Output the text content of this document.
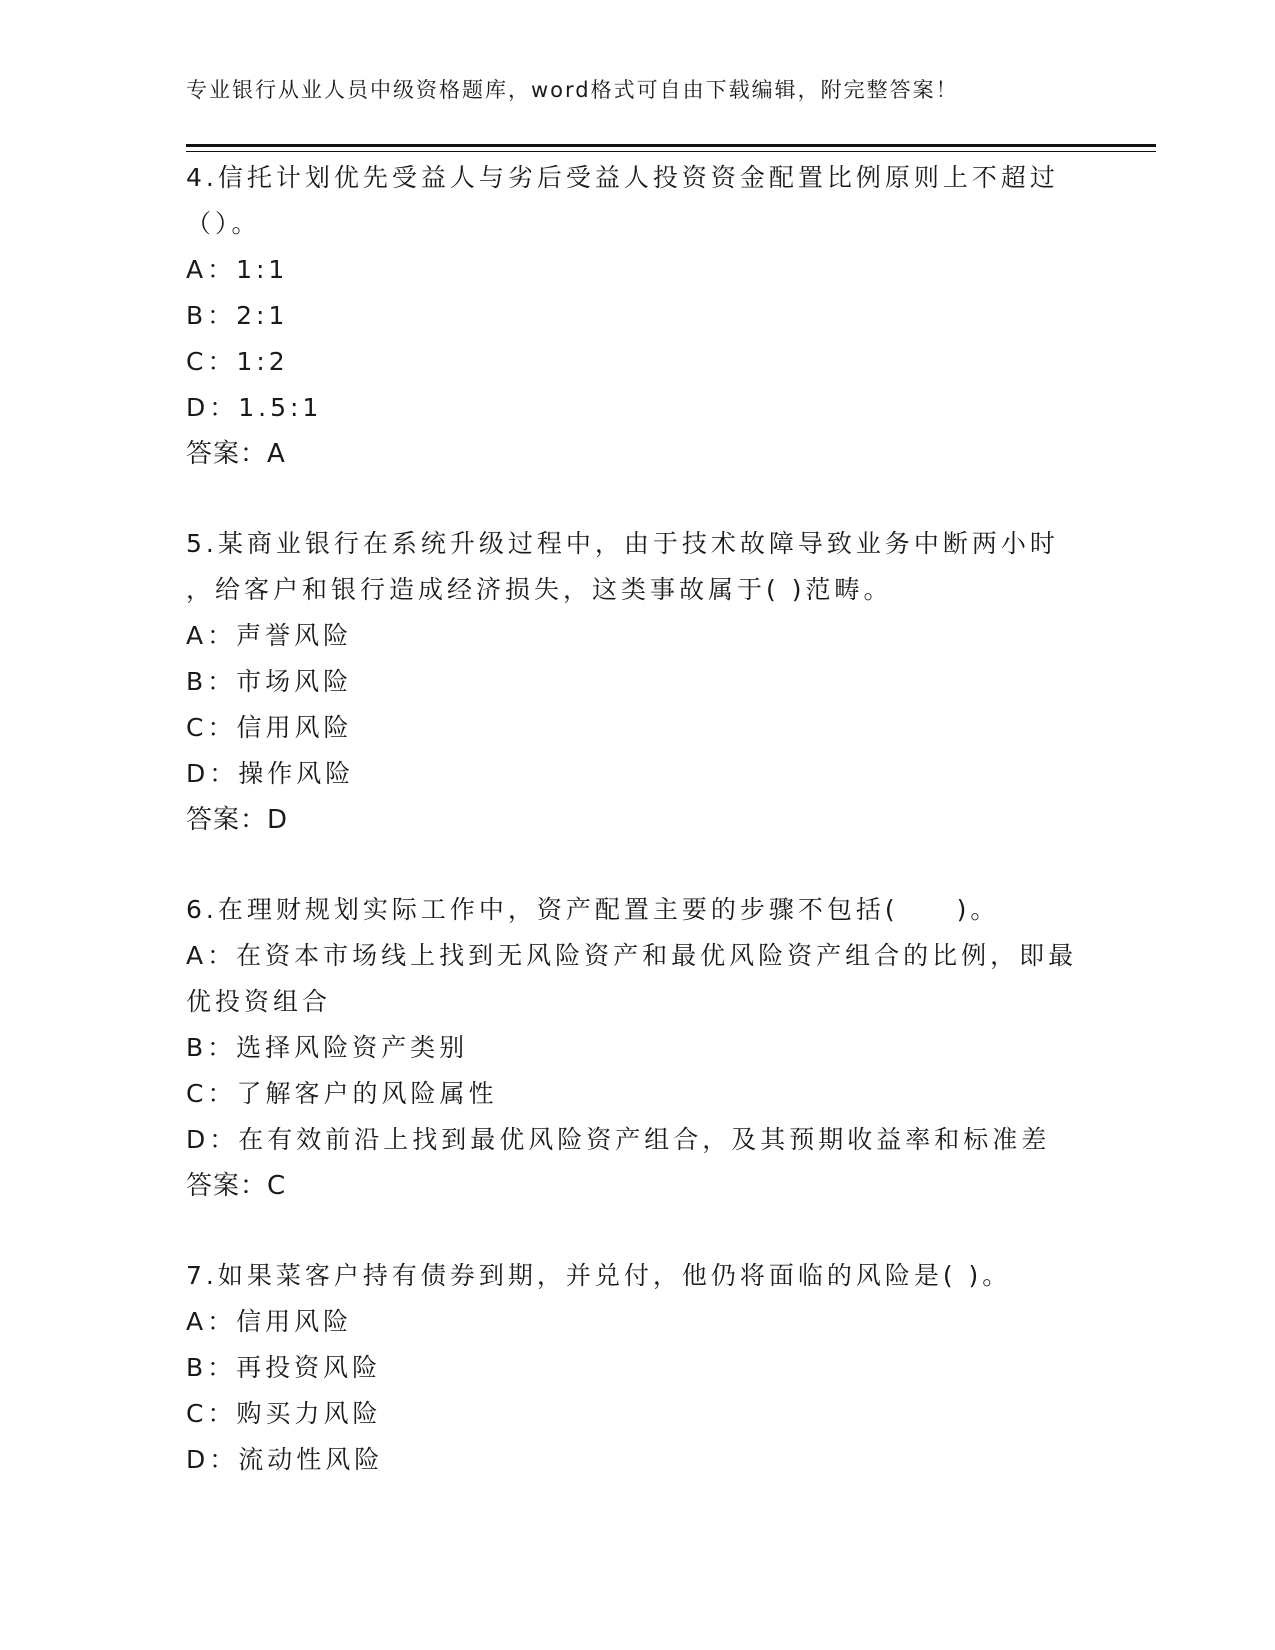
专业银行从业人员中级资格题库，word格式可自由下载编辑，附完整答案！
4.信托计划优先受益人与劣后受益人投资资金配置比例原则上不超过
（）。
A：1:1
B：2:1
C：1:2
D：1.5:1
答案：A
5.某商业银行在系统升级过程中，由于技术故障导致业务中断两小时
，给客户和银行造成经济损失，这类事故属于( )范畴。
A：声誉风险
B：市场风险
C：信用风险
D：操作风险
答案：D
6.在理财规划实际工作中，资产配置主要的步骤不包括(　　)。
A：在资本市场线上找到无风险资产和最优风险资产组合的比例，即最
优投资组合
B：选择风险资产类别
C：了解客户的风险属性
D：在有效前沿上找到最优风险资产组合，及其预期收益率和标准差
答案：C
7.如果菜客户持有债券到期，并兑付，他仍将面临的风险是( )。
A：信用风险
B：再投资风险
C：购买力风险
D：流动性风险
